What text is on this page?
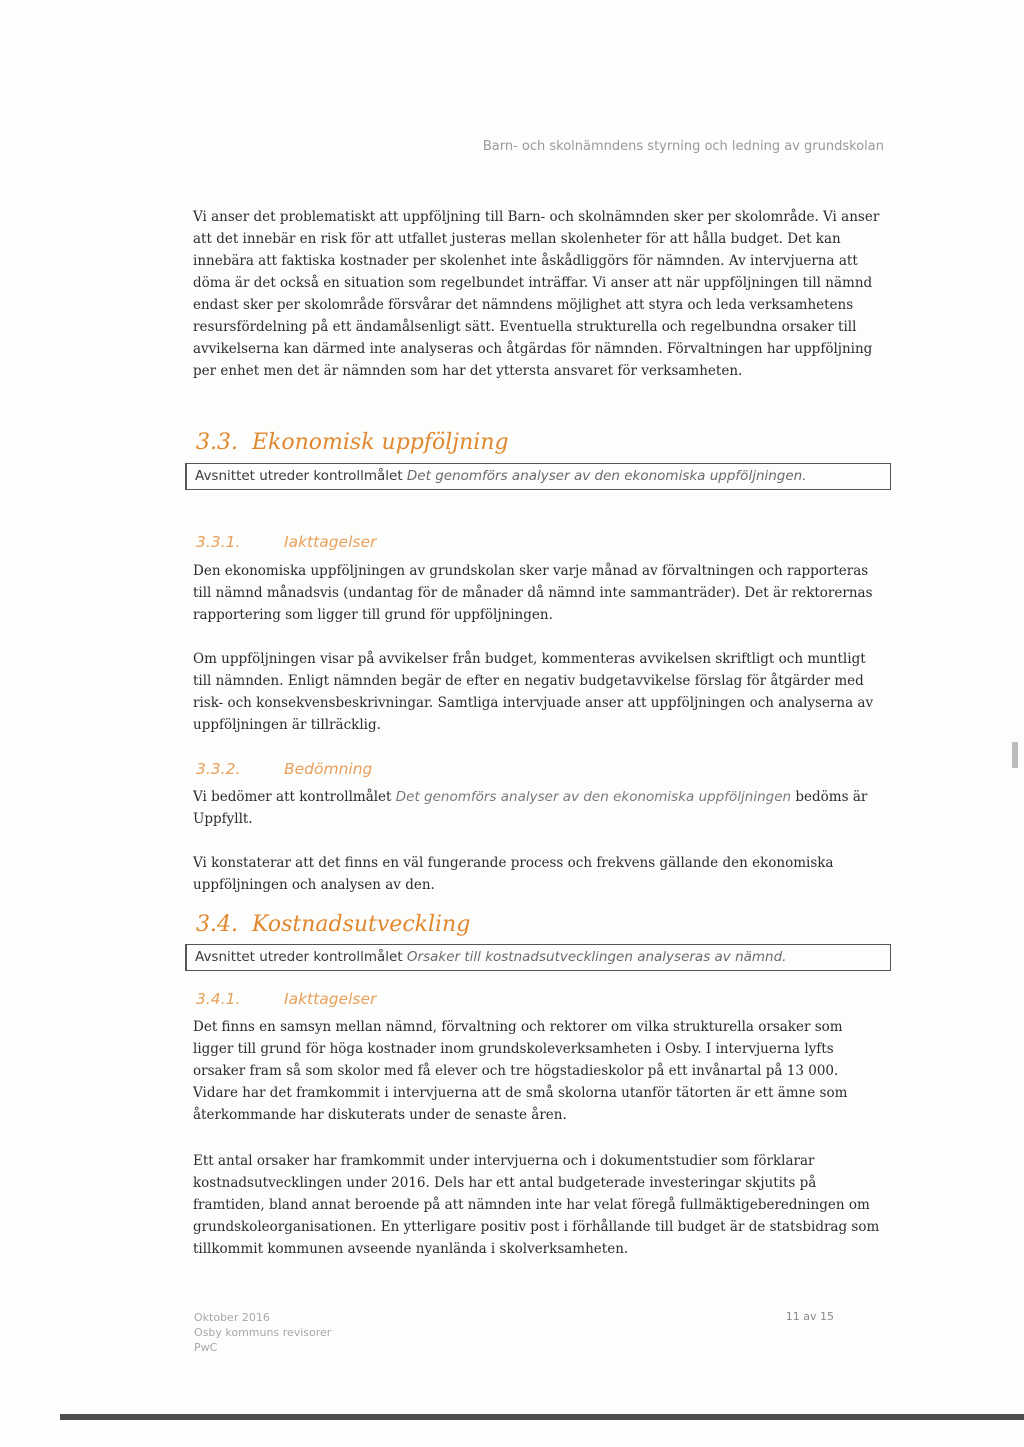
Barn- och skolnämndens styrning och ledning av grundskolan
Vi anser det problematiskt att uppföljning till Barn- och skolnämnden sker per skolområde. Vi anser att det innebär en risk för att utfallet justeras mellan skolenheter för att hålla budget. Det kan innebära att faktiska kostnader per skolenhet inte åskådliggörs för nämnden. Av intervjuerna att döma är det också en situation som regelbundet inträffar. Vi anser att när uppföljningen till nämnd endast sker per skolområde försvårar det nämndens möjlighet att styra och leda verksamhetens resursfördelning på ett ändamålsenligt sätt. Eventuella strukturella och regelbundna orsaker till avvikelserna kan därmed inte analyseras och åtgärdas för nämnden. Förvaltningen har uppföljning per enhet men det är nämnden som har det yttersta ansvaret för verksamheten.
3.3. Ekonomisk uppföljning
Avsnittet utreder kontrollmålet Det genomförs analyser av den ekonomiska uppföljningen.
3.3.1.	Iakttagelser
Den ekonomiska uppföljningen av grundskolan sker varje månad av förvaltningen och rapporteras till nämnd månadsvis (undantag för de månader då nämnd inte sammanträder). Det är rektorernas rapportering som ligger till grund för uppföljningen.
Om uppföljningen visar på avvikelser från budget, kommenteras avvikelsen skriftligt och muntligt till nämnden. Enligt nämnden begär de efter en negativ budgetavvikelse förslag för åtgärder med risk- och konsekvensbeskrivningar. Samtliga intervjuade anser att uppföljningen och analyserna av uppföljningen är tillräcklig.
3.3.2.	Bedömning
Vi bedömer att kontrollmålet Det genomförs analyser av den ekonomiska uppföljningen bedöms är Uppfyllt.
Vi konstaterar att det finns en väl fungerande process och frekvens gällande den ekonomiska uppföljningen och analysen av den.
3.4. Kostnadsutveckling
Avsnittet utreder kontrollmålet Orsaker till kostnadsutvecklingen analyseras av nämnd.
3.4.1.	Iakttagelser
Det finns en samsyn mellan nämnd, förvaltning och rektorer om vilka strukturella orsaker som ligger till grund för höga kostnader inom grundskoleverksamheten i Osby. I intervjuerna lyfts orsaker fram så som skolor med få elever och tre högstadieskolor på ett invånartal på 13 000. Vidare har det framkommit i intervjuerna att de små skolorna utanför tätorten är ett ämne som återkommande har diskuterats under de senaste åren.
Ett antal orsaker har framkommit under intervjuerna och i dokumentstudier som förklarar kostnadsutvecklingen under 2016. Dels har ett antal budgeterade investeringar skjutits på framtiden, bland annat beroende på att nämnden inte har velat föregå fullmäktigeberedningen om grundskoleorganisationen. En ytterligare positiv post i förhållande till budget är de statsbidrag som tillkommit kommunen avseende nyanlända i skolverksamheten.
Oktober 2016
Osby kommuns revisorer
PwC
11 av 15
